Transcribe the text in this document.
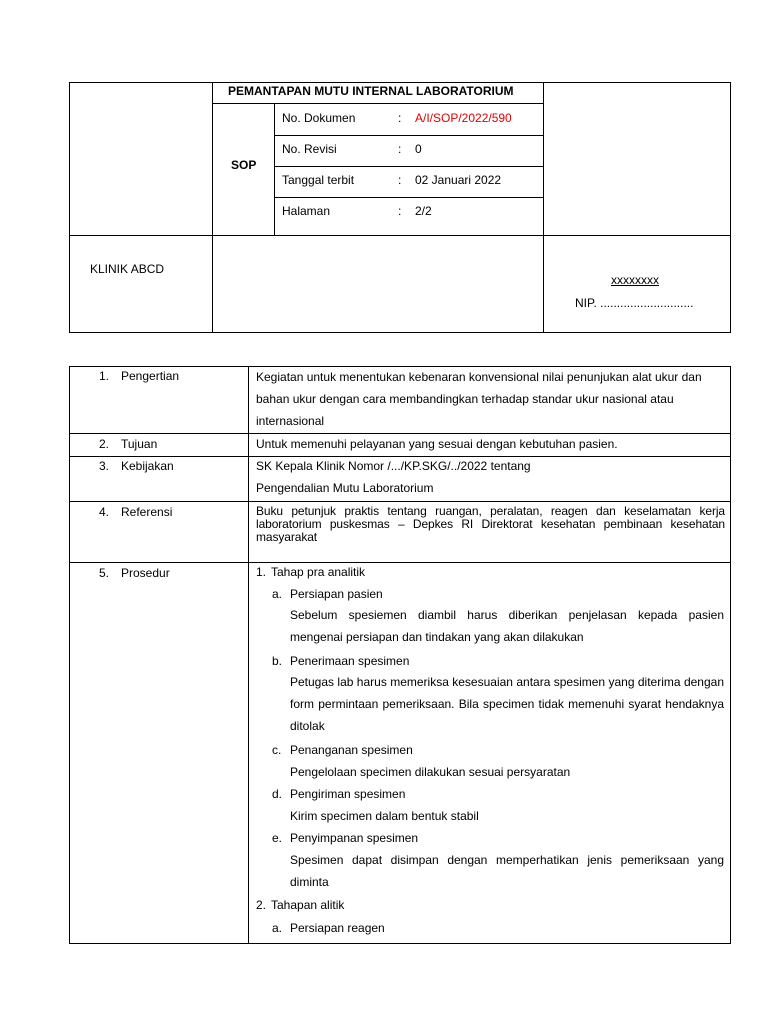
PEMANTAPAN MUTU INTERNAL LABORATORIUM
SOP
No. Dokumen	: A/I/SOP/2022/590
No. Revisi	: 0
Tanggal terbit	: 02 Januari 2022
Halaman	: 2/2
KLINIK ABCD
xxxxxxxx
NIP. ............................
1. Pengertian	Kegiatan untuk menentukan kebenaran konvensional nilai penunjukan alat ukur dan
bahan ukur dengan cara membandingkan terhadap standar ukur nasional atau
internasional
2. Tujuan	Untuk memenuhi pelayanan yang sesuai dengan kebutuhan pasien.
3. Kebijakan	SK Kepala Klinik Nomor /.../KP.SKG/../2022 tentang
Pengendalian Mutu Laboratorium
4. Referensi	Buku petunjuk praktis tentang ruangan, peralatan, reagen dan keselamatan kerja laboratorium puskesmas – Depkes RI Direktorat kesehatan pembinaan kesehatan masyarakat
5. Prosedur	1. Tahap pra analitik
a. Persiapan pasien
Sebelum spesiemen diambil harus diberikan penjelasan kepada pasien mengenai persiapan dan tindakan yang akan dilakukan
b. Penerimaan spesimen
Petugas lab harus memeriksa kesesuaian antara spesimen yang diterima dengan form permintaan pemeriksaan. Bila specimen tidak memenuhi syarat hendaknya ditolak
c. Penanganan spesimen
Pengelolaan specimen dilakukan sesuai persyaratan
d. Pengiriman spesimen
Kirim specimen dalam bentuk stabil
e. Penyimpanan spesimen
Spesimen dapat disimpan dengan memperhatikan jenis pemeriksaan yang diminta
2. Tahapan alitik
a. Persiapan reagen
